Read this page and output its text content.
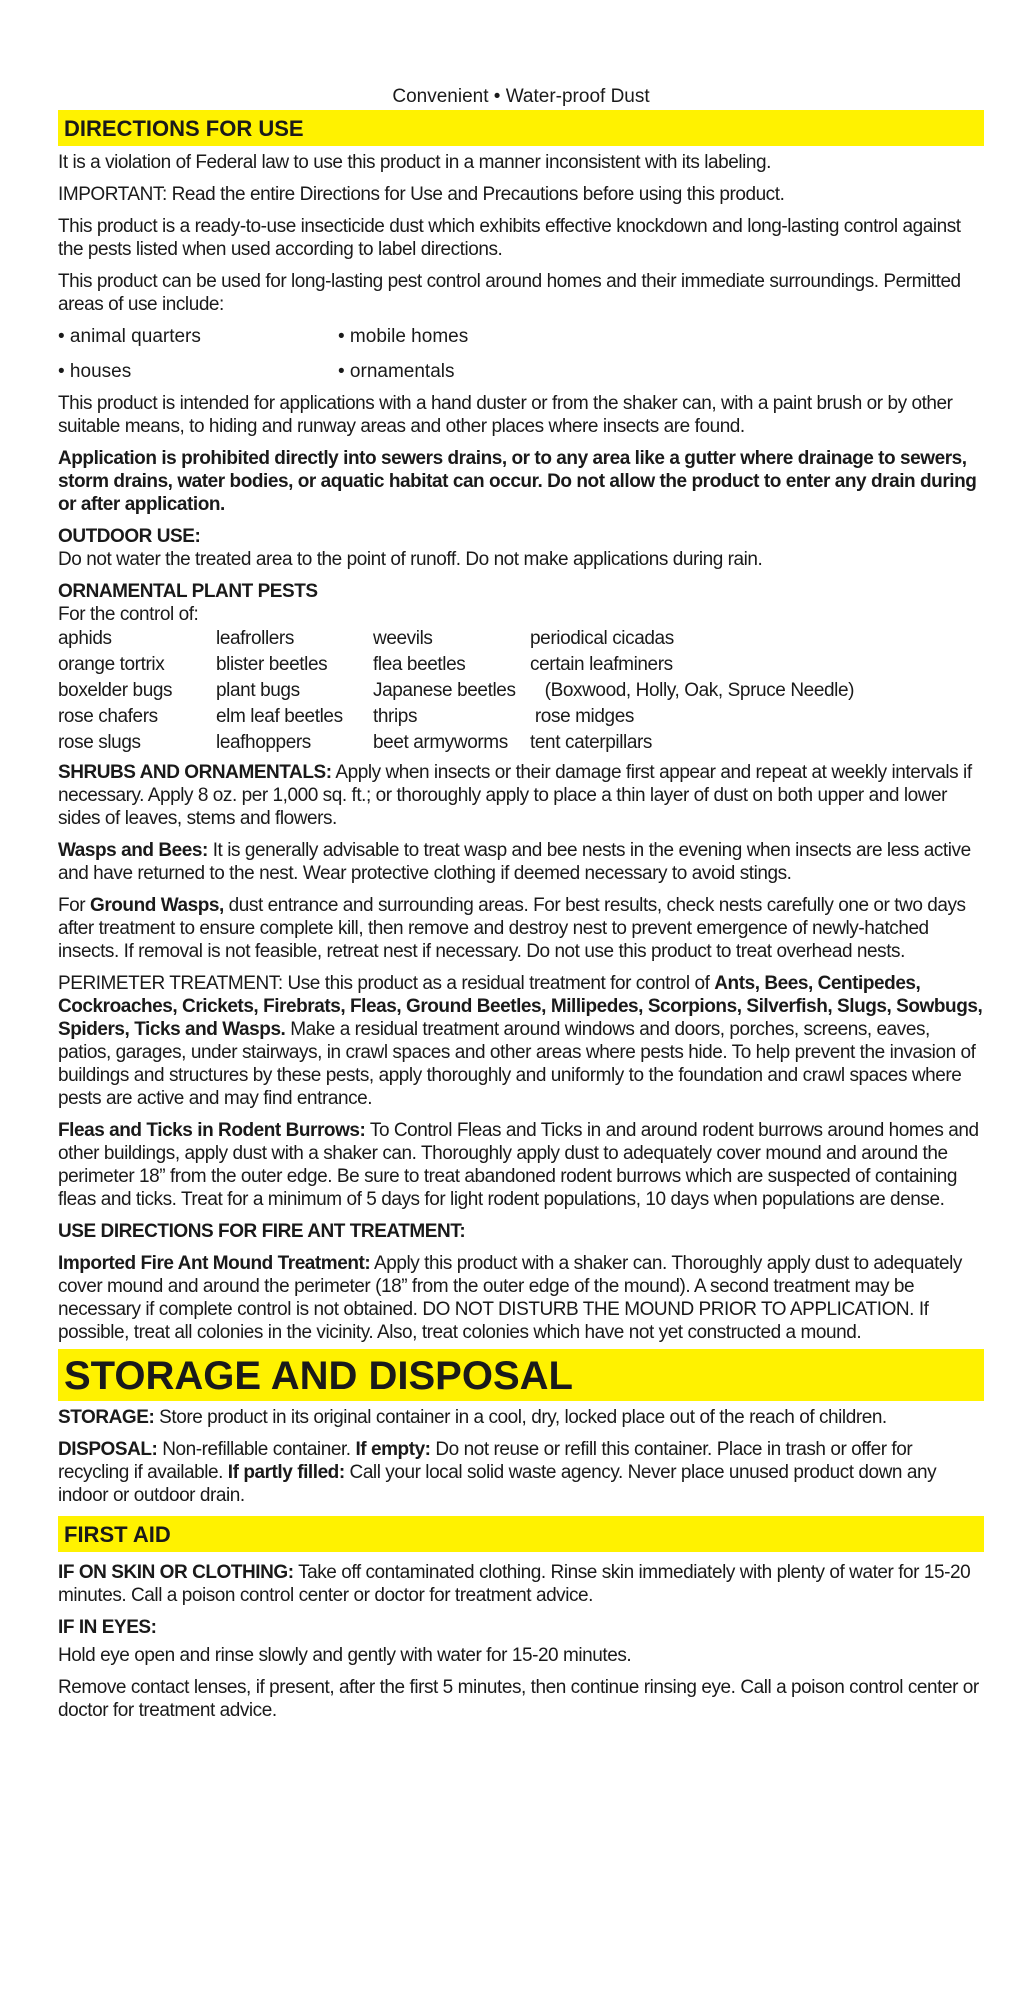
Convenient • Water-proof Dust
DIRECTIONS FOR USE

It is a violation of Federal law to use this product in a manner inconsistent with its labeling.

IMPORTANT: Read the entire Directions for Use and Precautions before using this product.

This product is a ready-to-use insecticide dust which exhibits effective knockdown and long-lasting control against the pests listed when used according to label directions.

This product can be used for long-lasting pest control around homes and their immediate surroundings. Permitted areas of use include:

• animal quarters	• mobile homes
• houses	• ornamentals

This product is intended for applications with a hand duster or from the shaker can, with a paint brush or by other suitable means, to hiding and runway areas and other places where insects are found.

Application is prohibited directly into sewers drains, or to any area like a gutter where drainage to sewers, storm drains, water bodies, or aquatic habitat can occur. Do not allow the product to enter any drain during or after application.

OUTDOOR USE:

Do not water the treated area to the point of runoff. Do not make applications during rain.

ORNAMENTAL PLANT PESTS

For the control of:

aphids	leafrollers	weevils	periodical cicadas
orange tortrix	blister beetles	flea beetles	certain leafminers
boxelder bugs	plant bugs	Japanese beetles	(Boxwood, Holly, Oak, Spruce Needle)
rose chafers	elm leaf beetles	thrips	rose midges
rose slugs	leafhoppers	beet armyworms	tent caterpillars

SHRUBS AND ORNAMENTALS: Apply when insects or their damage first appear and repeat at weekly intervals if necessary. Apply 8 oz. per 1,000 sq. ft.; or thoroughly apply to place a thin layer of dust on both upper and lower sides of leaves, stems and flowers.

Wasps and Bees: It is generally advisable to treat wasp and bee nests in the evening when insects are less active and have returned to the nest. Wear protective clothing if deemed necessary to avoid stings.

For Ground Wasps, dust entrance and surrounding areas. For best results, check nests carefully one or two days after treatment to ensure complete kill, then remove and destroy nest to prevent emergence of newly-hatched insects. If removal is not feasible, retreat nest if necessary. Do not use this product to treat overhead nests.

PERIMETER TREATMENT: Use this product as a residual treatment for control of Ants, Bees, Centipedes, Cockroaches, Crickets, Firebrats, Fleas, Ground Beetles, Millipedes, Scorpions, Silverfish, Slugs, Sowbugs, Spiders, Ticks and Wasps. Make a residual treatment around windows and doors, porches, screens, eaves, patios, garages, under stairways, in crawl spaces and other areas where pests hide. To help prevent the invasion of buildings and structures by these pests, apply thoroughly and uniformly to the foundation and crawl spaces where pests are active and may find entrance.

Fleas and Ticks in Rodent Burrows: To Control Fleas and Ticks in and around rodent burrows around homes and other buildings, apply dust with a shaker can. Thoroughly apply dust to adequately cover mound and around the perimeter 18” from the outer edge. Be sure to treat abandoned rodent burrows which are suspected of containing fleas and ticks. Treat for a minimum of 5 days for light rodent populations, 10 days when populations are dense.

USE DIRECTIONS FOR FIRE ANT TREATMENT:

Imported Fire Ant Mound Treatment: Apply this product with a shaker can. Thoroughly apply dust to adequately cover mound and around the perimeter (18” from the outer edge of the mound). A second treatment may be necessary if complete control is not obtained. DO NOT DISTURB THE MOUND PRIOR TO APPLICATION. If possible, treat all colonies in the vicinity. Also, treat colonies which have not yet constructed a mound.

STORAGE AND DISPOSAL

STORAGE: Store product in its original container in a cool, dry, locked place out of the reach of children.

DISPOSAL: Non-refillable container. If empty: Do not reuse or refill this container. Place in trash or offer for recycling if available. If partly filled: Call your local solid waste agency. Never place unused product down any indoor or outdoor drain.

FIRST AID

IF ON SKIN OR CLOTHING: Take off contaminated clothing. Rinse skin immediately with plenty of water for 15-20 minutes. Call a poison control center or doctor for treatment advice.

IF IN EYES:

Hold eye open and rinse slowly and gently with water for 15-20 minutes.

Remove contact lenses, if present, after the first 5 minutes, then continue rinsing eye. Call a poison control center or doctor for treatment advice.
